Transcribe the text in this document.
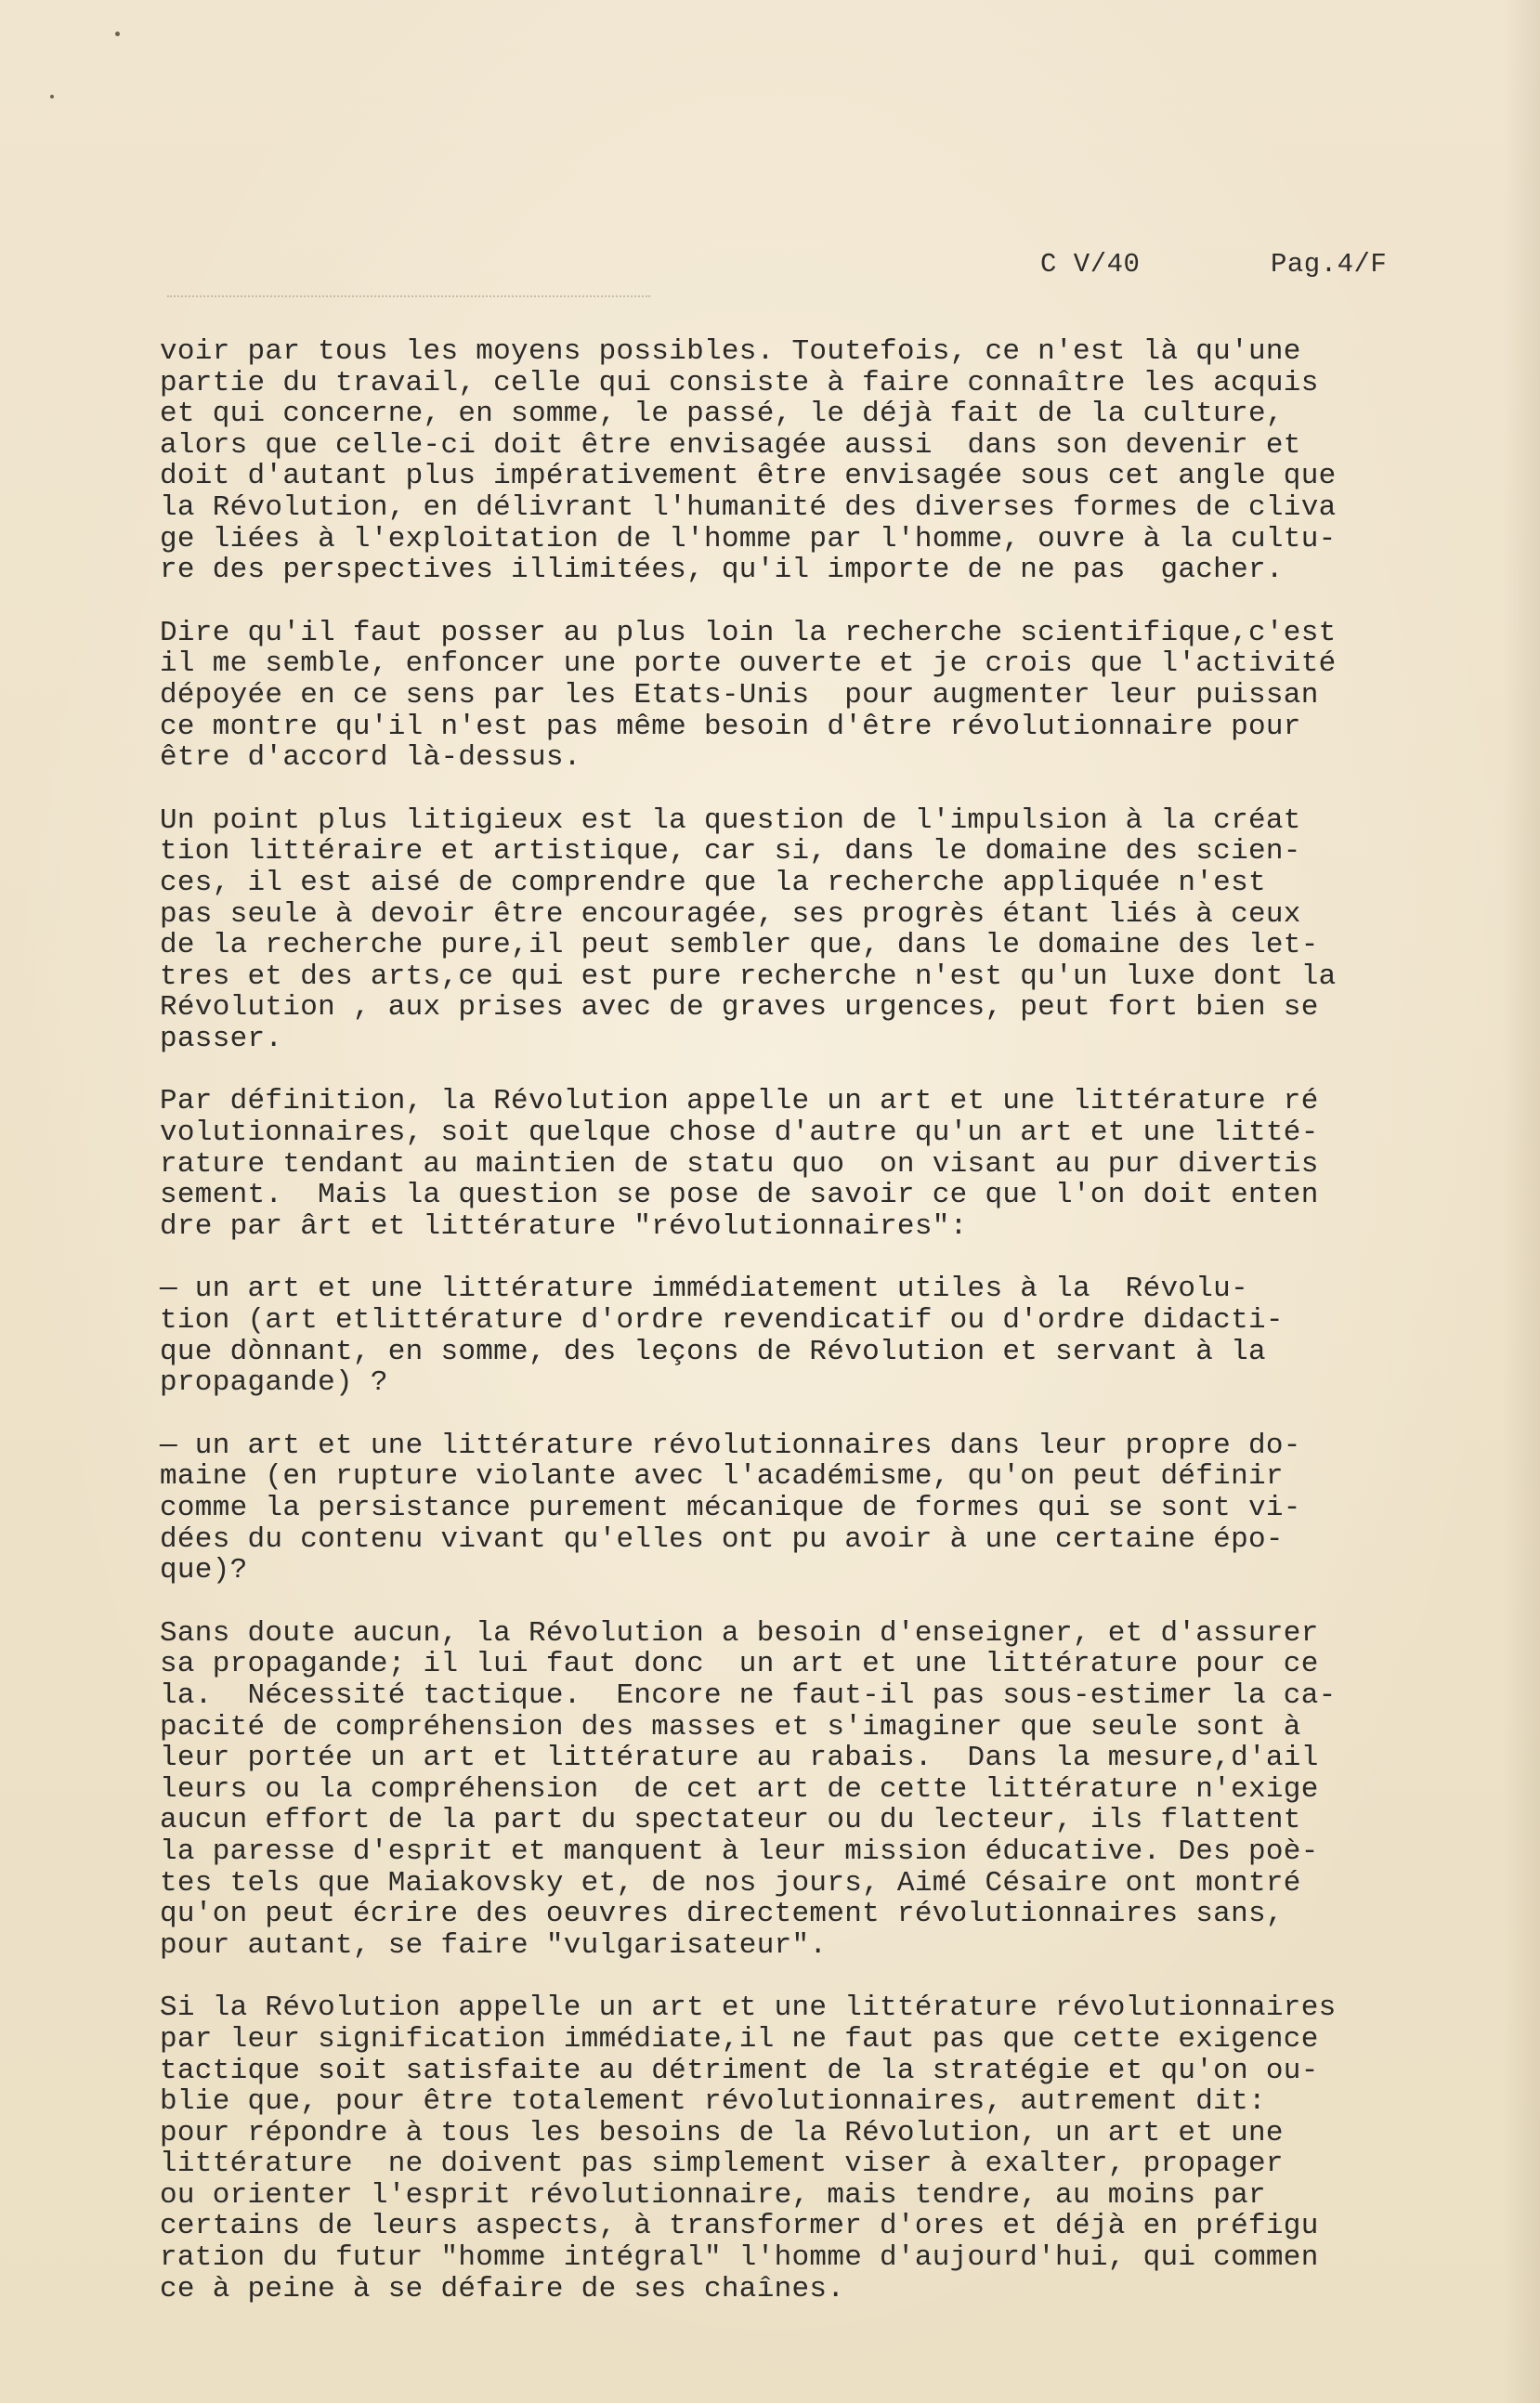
C V/40	Pag.4/F

voir par tous les moyens possibles. Toutefois, ce n'est là qu'une
partie du travail, celle qui consiste à faire connaître les acquis
et qui concerne, en somme, le passé, le déjà fait de la culture,
alors que celle-ci doit être envisagée aussi  dans son devenir et
doit d'autant plus impérativement être envisagée sous cet angle que
la Révolution, en délivrant l'humanité des diverses formes de cliva
ge liées à l'exploitation de l'homme par l'homme, ouvre à la cultu-
re des perspectives illimitées, qu'il importe de ne pas  gacher.

Dire qu'il faut posser au plus loin la recherche scientifique,c'est
il me semble, enfoncer une porte ouverte et je crois que l'activité
dépoyée en ce sens par les Etats-Unis  pour augmenter leur puissan
ce montre qu'il n'est pas même besoin d'être révolutionnaire pour
être d'accord là-dessus.

Un point plus litigieux est la question de l'impulsion à la créat
tion littéraire et artistique, car si, dans le domaine des scien-
ces, il est aisé de comprendre que la recherche appliquée n'est
pas seule à devoir être encouragée, ses progrès étant liés à ceux
de la recherche pure,il peut sembler que, dans le domaine des let-
tres et des arts,ce qui est pure recherche n'est qu'un luxe dont la
Révolution , aux prises avec de graves urgences, peut fort bien se
passer.

Par définition, la Révolution appelle un art et une littérature ré
volutionnaires, soit quelque chose d'autre qu'un art et une litté-
rature tendant au maintien de statu quo  on visant au pur divertis
sement.  Mais la question se pose de savoir ce que l'on doit enten
dre par ârt et littérature "révolutionnaires":

— un art et une littérature immédiatement utiles à la  Révolu-
tion (art etlittérature d'ordre revendicatif ou d'ordre didacti-
que dònnant, en somme, des leçons de Révolution et servant à la
propagande) ?

— un art et une littérature révolutionnaires dans leur propre do-
maine (en rupture violante avec l'académisme, qu'on peut définir
comme la persistance purement mécanique de formes qui se sont vi-
dées du contenu vivant qu'elles ont pu avoir à une certaine épo-
que)?

Sans doute aucun, la Révolution a besoin d'enseigner, et d'assurer
sa propagande; il lui faut donc  un art et une littérature pour ce
la.  Nécessité tactique.  Encore ne faut-il pas sous-estimer la ca-
pacité de compréhension des masses et s'imaginer que seule sont à
leur portée un art et littérature au rabais.  Dans la mesure,d'ail
leurs ou la compréhension  de cet art de cette littérature n'exige
aucun effort de la part du spectateur ou du lecteur, ils flattent
la paresse d'esprit et manquent à leur mission éducative. Des poè-
tes tels que Maiakovsky et, de nos jours, Aimé Césaire ont montré
qu'on peut écrire des oeuvres directement révolutionnaires sans,
pour autant, se faire "vulgarisateur".

Si la Révolution appelle un art et une littérature révolutionnaires
par leur signification immédiate,il ne faut pas que cette exigence
tactique soit satisfaite au détriment de la stratégie et qu'on ou-
blie que, pour être totalement révolutionnaires, autrement dit:
pour répondre à tous les besoins de la Révolution, un art et une
littérature  ne doivent pas simplement viser à exalter, propager
ou orienter l'esprit révolutionnaire, mais tendre, au moins par
certains de leurs aspects, à transformer d'ores et déjà en préfigu
ration du futur "homme intégral" l'homme d'aujourd'hui, qui commen
ce à peine à se défaire de ses chaînes.
